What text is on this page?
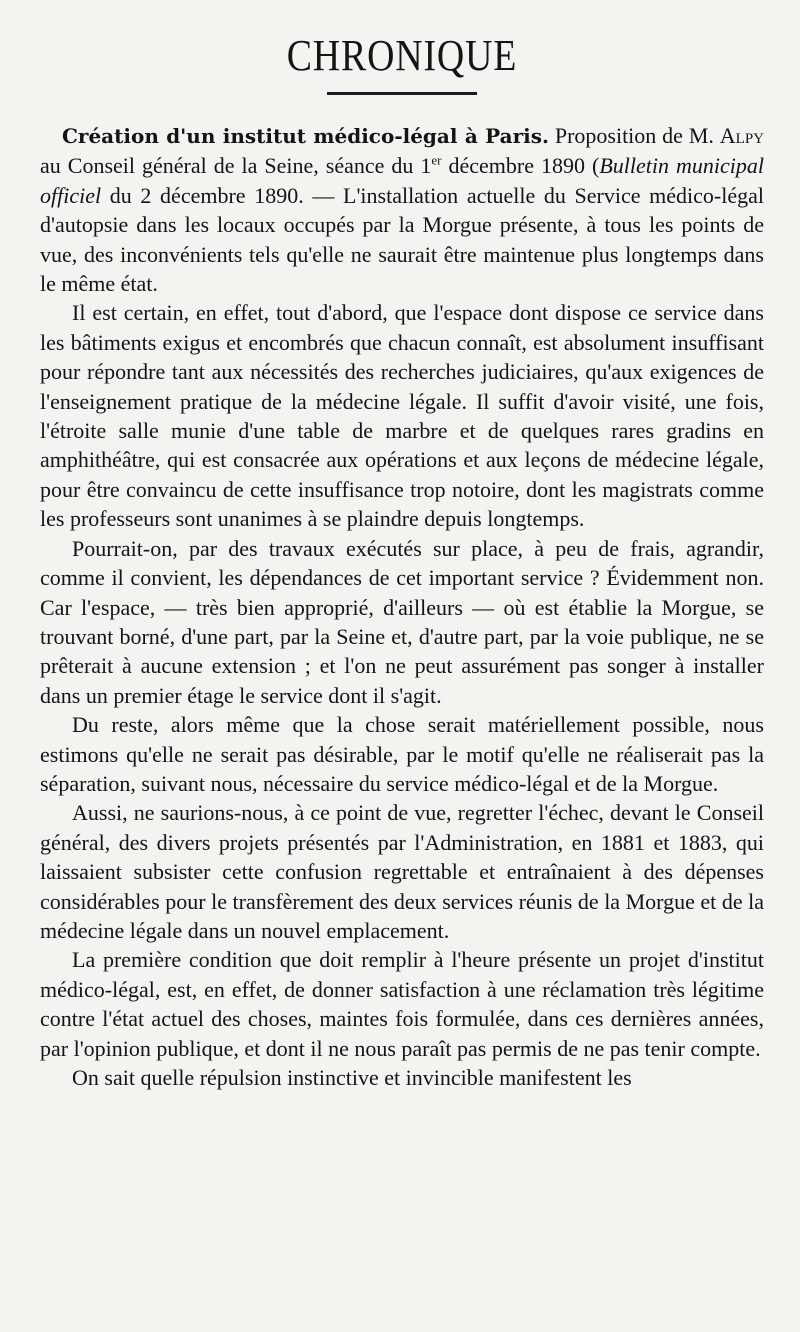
CHRONIQUE

Création d'un institut médico-légal à Paris. Proposition de M. Alpy au Conseil général de la Seine, séance du 1er décembre 1890 (Bulletin municipal officiel du 2 décembre 1890. — L'installation actuelle du Service médico-légal d'autopsie dans les locaux occupés par la Morgue présente, à tous les points de vue, des inconvénients tels qu'elle ne saurait être maintenue plus longtemps dans le même état.

Il est certain, en effet, tout d'abord, que l'espace dont dispose ce service dans les bâtiments exigus et encombrés que chacun connaît, est absolument insuffisant pour répondre tant aux nécessités des recherches judiciaires, qu'aux exigences de l'enseignement pratique de la médecine légale. Il suffit d'avoir visité, une fois, l'étroite salle munie d'une table de marbre et de quelques rares gradins en amphithéâtre, qui est consacrée aux opérations et aux leçons de médecine légale, pour être convaincu de cette insuffisance trop notoire, dont les magistrats comme les professeurs sont unanimes à se plaindre depuis longtemps.

Pourrait-on, par des travaux exécutés sur place, à peu de frais, agrandir, comme il convient, les dépendances de cet important service ? Évidemment non. Car l'espace, — très bien approprié, d'ailleurs — où est établie la Morgue, se trouvant borné, d'une part, par la Seine et, d'autre part, par la voie publique, ne se prêterait à aucune extension ; et l'on ne peut assurément pas songer à installer dans un premier étage le service dont il s'agit.

Du reste, alors même que la chose serait matériellement possible, nous estimons qu'elle ne serait pas désirable, par le motif qu'elle ne réaliserait pas la séparation, suivant nous, nécessaire du service médico-légal et de la Morgue.

Aussi, ne saurions-nous, à ce point de vue, regretter l'échec, devant le Conseil général, des divers projets présentés par l'Administration, en 1881 et 1883, qui laissaient subsister cette confusion regrettable et entraînaient à des dépenses considérables pour le transfèrement des deux services réunis de la Morgue et de la médecine légale dans un nouvel emplacement.

La première condition que doit remplir à l'heure présente un projet d'institut médico-légal, est, en effet, de donner satisfaction à une réclamation très légitime contre l'état actuel des choses, maintes fois formulée, dans ces dernières années, par l'opinion publique, et dont il ne nous paraît pas permis de ne pas tenir compte.

On sait quelle répulsion instinctive et invincible manifestent les
